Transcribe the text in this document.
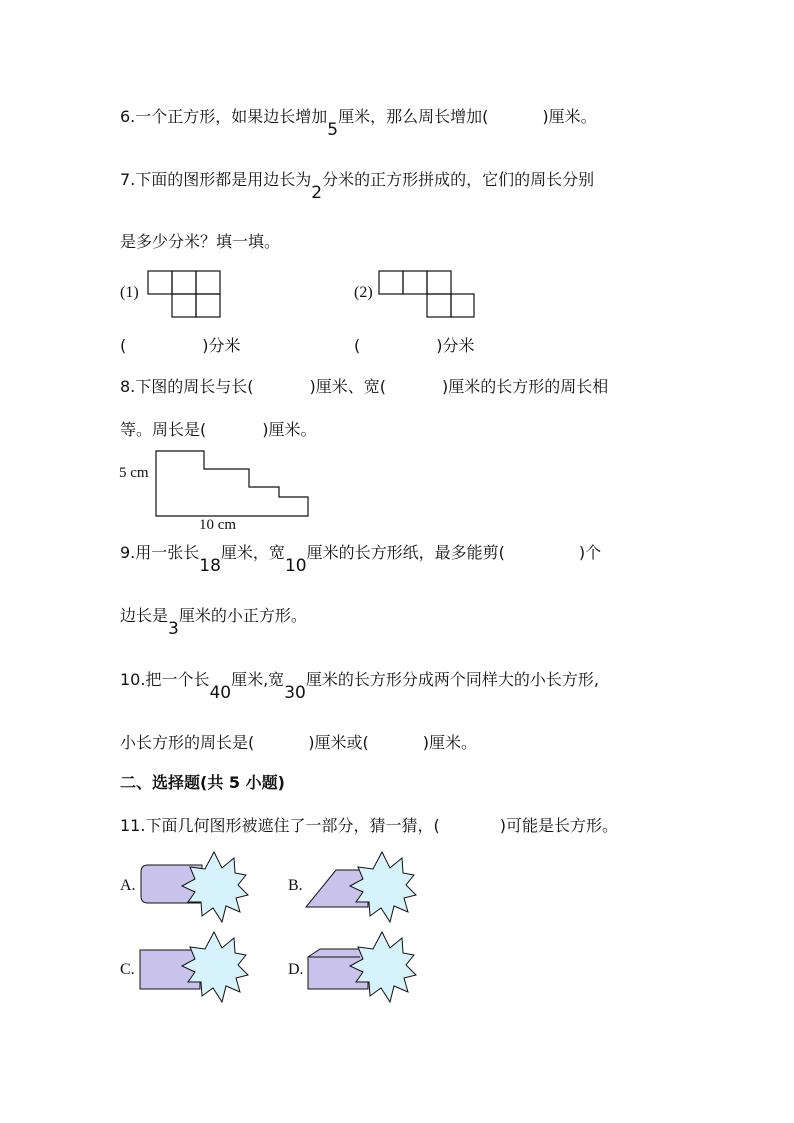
6.一个正方形，如果边长增加5厘米，那么周长增加(	)厘米。
7.下面的图形都是用边长为2分米的正方形拼成的，它们的周长分别
是多少分米？填一填。
(1)	(2)
(	)分米	(	)分米
8.下图的周长与长(	)厘米、宽(	)厘米的长方形的周长相
等。周长是(	)厘米。
5 cm
10 cm
9.用一张长18厘米，宽10厘米的长方形纸，最多能剪(	)个
边长是3厘米的小正方形。
10.把一个长40厘米,宽30厘米的长方形分成两个同样大的小长方形,
小长方形的周长是(	)厘米或(	)厘米。
二、选择题(共 5 小题)
11.下面几何图形被遮住了一部分，猜一猜，(	)可能是长方形。
A.	B.
C.	D.
